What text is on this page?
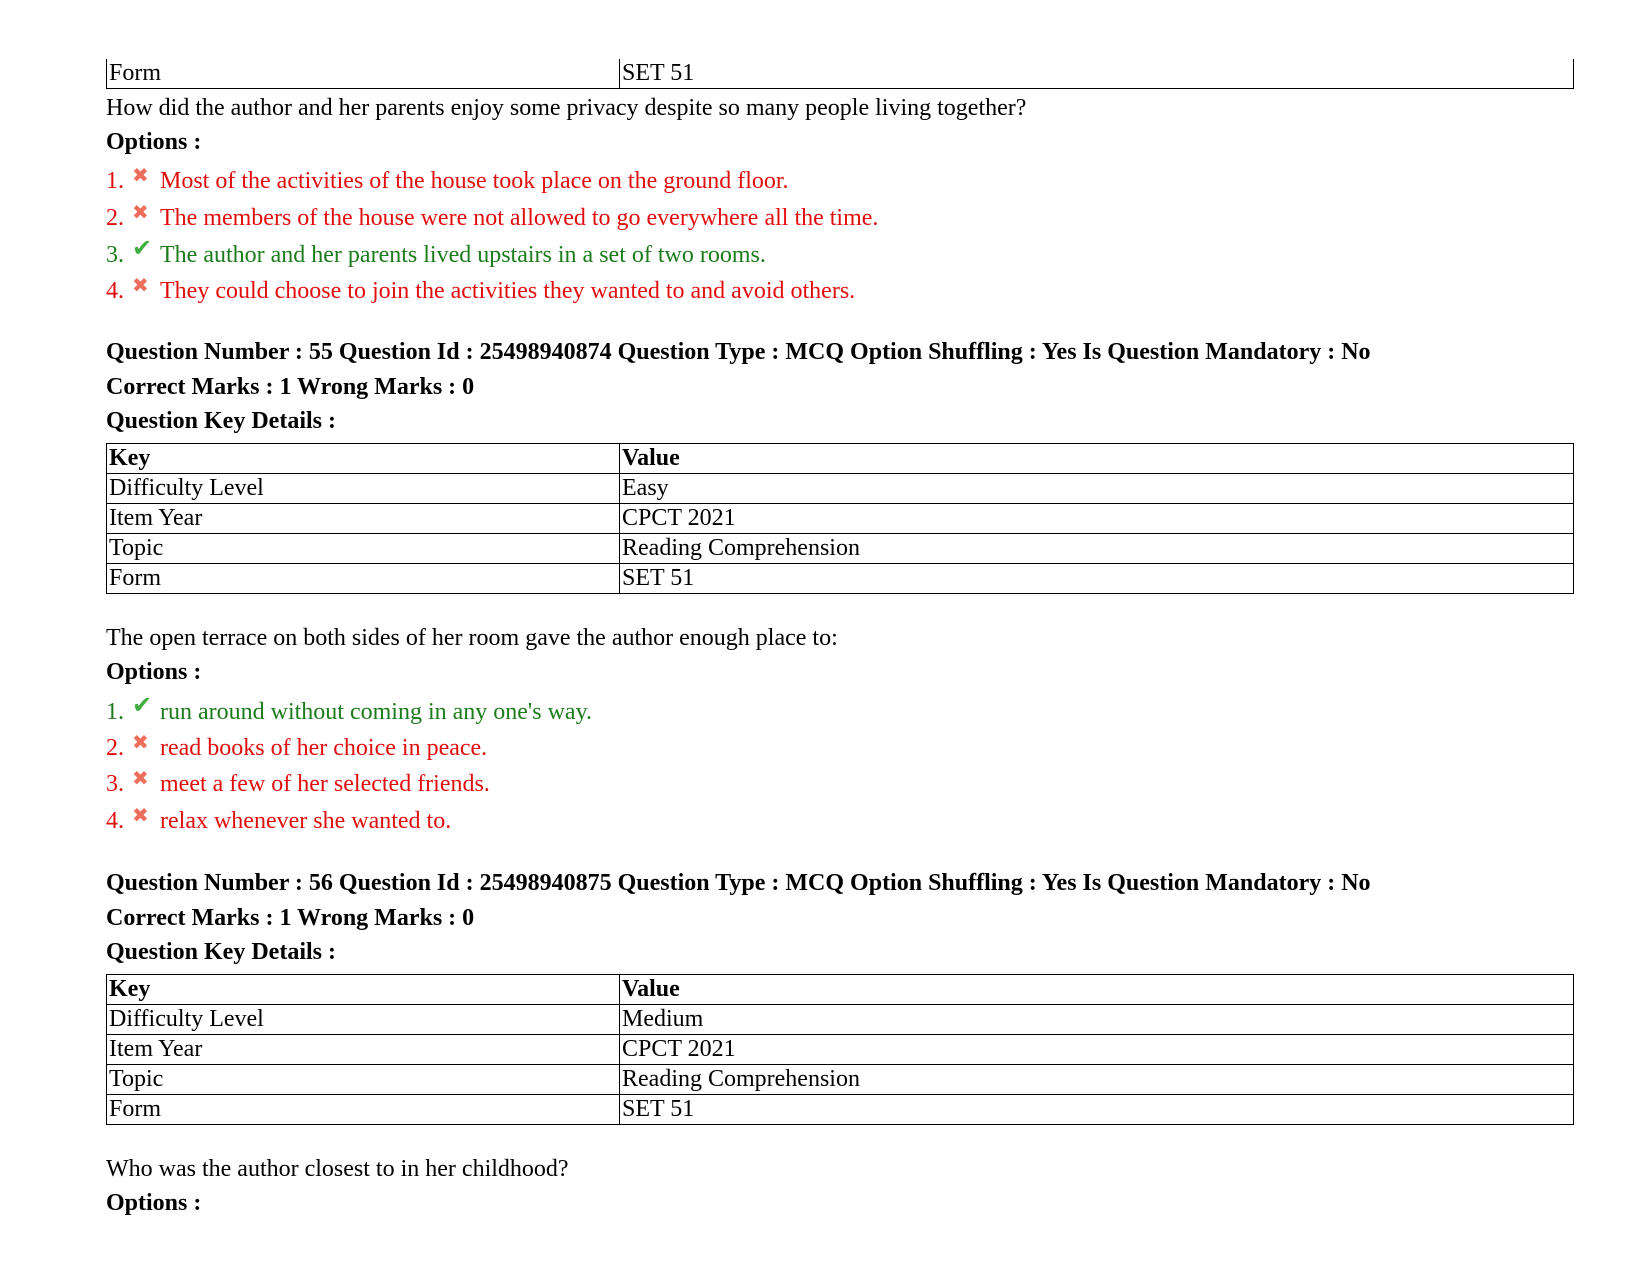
Form	SET 51
How did the author and her parents enjoy some privacy despite so many people living together?
Options :
1. ✖ Most of the activities of the house took place on the ground floor.
2. ✖ The members of the house were not allowed to go everywhere all the time.
3. ✔ The author and her parents lived upstairs in a set of two rooms.
4. ✖ They could choose to join the activities they wanted to and avoid others.
Question Number : 55 Question Id : 25498940874 Question Type : MCQ Option Shuffling : Yes Is Question Mandatory : No
Correct Marks : 1 Wrong Marks : 0
Question Key Details :
Key	Value
Difficulty Level	Easy
Item Year	CPCT 2021
Topic	Reading Comprehension
Form	SET 51
The open terrace on both sides of her room gave the author enough place to:
Options :
1. ✔ run around without coming in any one's way.
2. ✖ read books of her choice in peace.
3. ✖ meet a few of her selected friends.
4. ✖ relax whenever she wanted to.
Question Number : 56 Question Id : 25498940875 Question Type : MCQ Option Shuffling : Yes Is Question Mandatory : No
Correct Marks : 1 Wrong Marks : 0
Question Key Details :
Key	Value
Difficulty Level	Medium
Item Year	CPCT 2021
Topic	Reading Comprehension
Form	SET 51
Who was the author closest to in her childhood?
Options :
